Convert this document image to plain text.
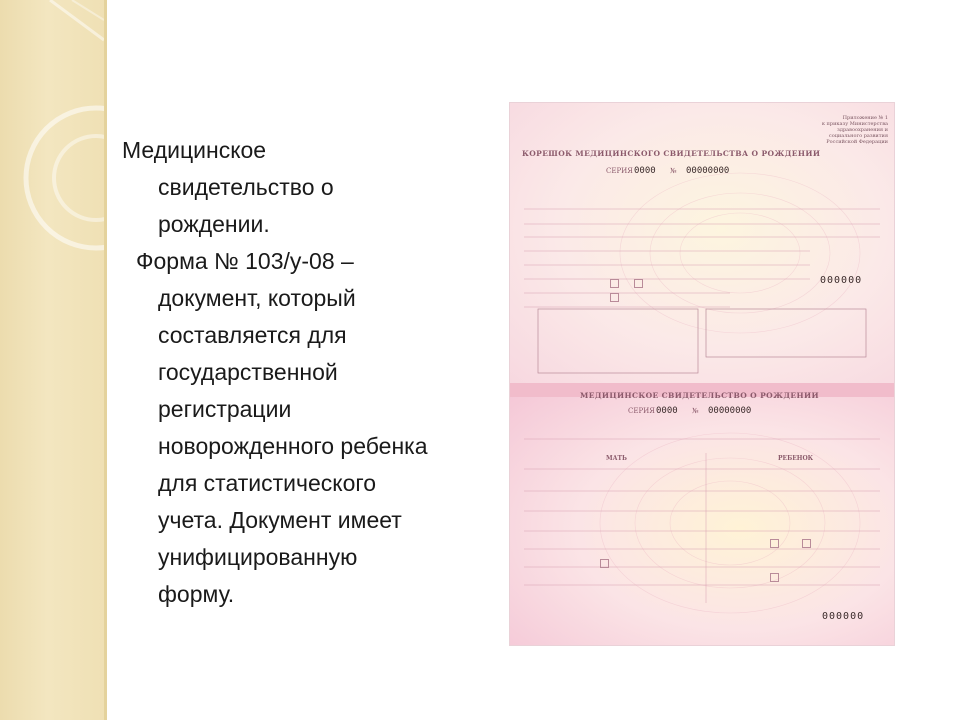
Медицинское
свидетельство о
рождении.
Форма № 103/у-08 –
документ, который
составляется для
государственной
регистрации
новорожденного ребенка
для статистического
учета. Документ имеет
унифицированную
форму.
Приложение № 1
к приказу Министерства
здравоохранения и
социального развития
Российской Федерации
КОРЕШОК МЕДИЦИНСКОГО СВИДЕТЕЛЬСТВА О РОЖДЕНИИ
СЕРИЯ 0000 № 00000000
000000
МЕДИЦИНСКОЕ СВИДЕТЕЛЬСТВО О РОЖДЕНИИ
СЕРИЯ 0000 № 00000000
МАТЬ	РЕБЕНОК
000000
